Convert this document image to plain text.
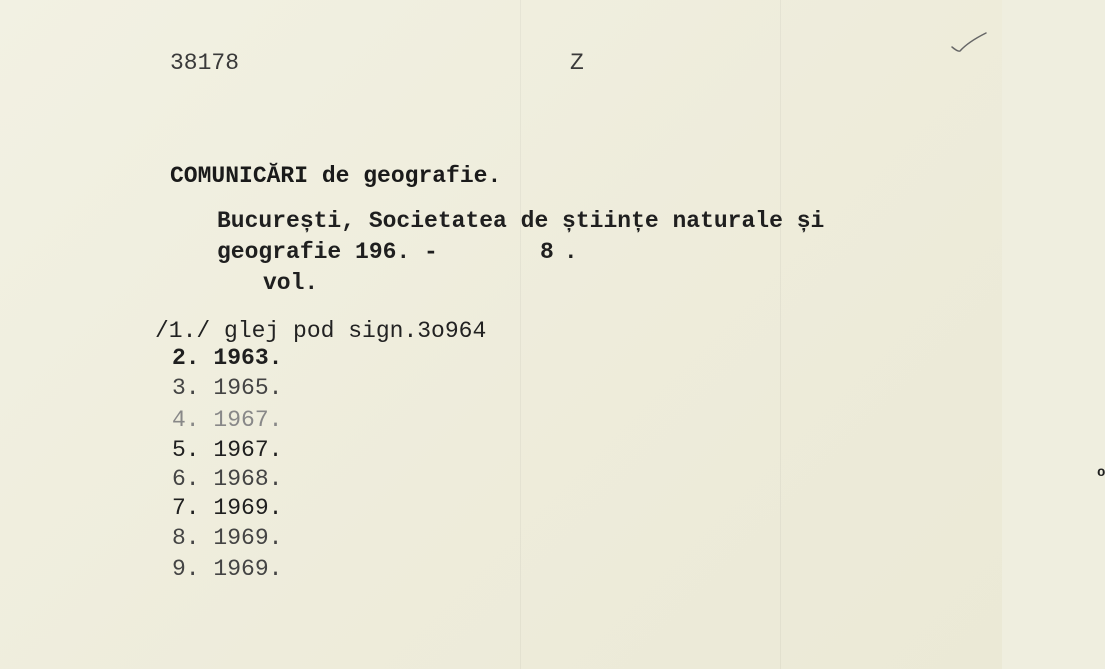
38178	Z
COMUNICĂRI de geografie.
București, Societatea de științe naturale și
geografie 196. -	8
o
.
vol.
/1./ glej pod sign.3o964
2. 1963.
3. 1965.
4. 1967.
5. 1967.
6. 1968.
7. 1969.
8. 1969.
9. 1969.
